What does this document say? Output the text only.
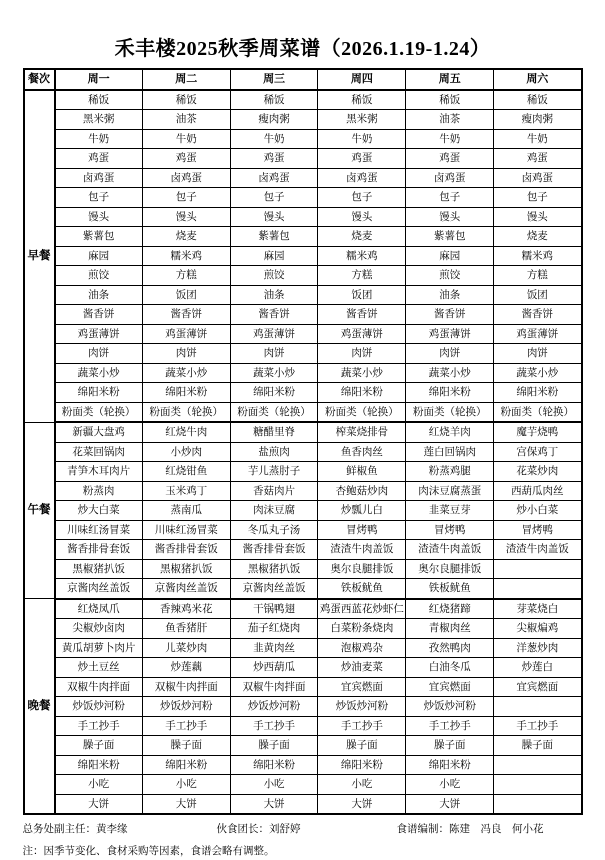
禾丰楼2025秋季周菜谱（2026.1.19-1.24）
餐次	周一	周二	周三	周四	周五	周六
早餐	稀饭	稀饭	稀饭	稀饭	稀饭	稀饭
	黑米粥	油茶	瘦肉粥	黑米粥	油茶	瘦肉粥
	牛奶	牛奶	牛奶	牛奶	牛奶	牛奶
	鸡蛋	鸡蛋	鸡蛋	鸡蛋	鸡蛋	鸡蛋
	卤鸡蛋	卤鸡蛋	卤鸡蛋	卤鸡蛋	卤鸡蛋	卤鸡蛋
	包子	包子	包子	包子	包子	包子
	馒头	馒头	馒头	馒头	馒头	馒头
	紫薯包	烧麦	紫薯包	烧麦	紫薯包	烧麦
	麻园	糯米鸡	麻园	糯米鸡	麻园	糯米鸡
	煎饺	方糕	煎饺	方糕	煎饺	方糕
	油条	饭团	油条	饭团	油条	饭团
	酱香饼	酱香饼	酱香饼	酱香饼	酱香饼	酱香饼
	鸡蛋薄饼	鸡蛋薄饼	鸡蛋薄饼	鸡蛋薄饼	鸡蛋薄饼	鸡蛋薄饼
	肉饼	肉饼	肉饼	肉饼	肉饼	肉饼
	蔬菜小炒	蔬菜小炒	蔬菜小炒	蔬菜小炒	蔬菜小炒	蔬菜小炒
	绵阳米粉	绵阳米粉	绵阳米粉	绵阳米粉	绵阳米粉	绵阳米粉
	粉面类（轮换）	粉面类（轮换）	粉面类（轮换）	粉面类（轮换）	粉面类（轮换）	粉面类（轮换）
午餐	新疆大盘鸡	红烧牛肉	糖醋里脊	榨菜烧排骨	红烧羊肉	魔芋烧鸭
	花菜回锅肉	小炒肉	盐煎肉	鱼香肉丝	莲白回锅肉	宫保鸡丁
	青笋木耳肉片	红烧钳鱼	芋儿蒸肘子	鲜椒鱼	粉蒸鸡腿	花菜炒肉
	粉蒸肉	玉米鸡丁	香菇肉片	杏鲍菇炒肉	肉沫豆腐蒸蛋	西葫瓜肉丝
	炒大白菜	蒸南瓜	肉沫豆腐	炒瓢儿白	韭菜豆芽	炒小白菜
	川味红汤冒菜	川味红汤冒菜	冬瓜丸子汤	冒烤鸭	冒烤鸭	冒烤鸭
	酱香排骨套饭	酱香排骨套饭	酱香排骨套饭	渣渣牛肉盖饭	渣渣牛肉盖饭	渣渣牛肉盖饭
	黑椒猪扒饭	黑椒猪扒饭	黑椒猪扒饭	奥尔良腿排饭	奥尔良腿排饭	
	京酱肉丝盖饭	京酱肉丝盖饭	京酱肉丝盖饭	铁板鱿鱼	铁板鱿鱼	
晚餐	红烧凤爪	香辣鸡米花	干锅鸭翅	鸡蛋西蓝花炒虾仁	红烧猪蹄	芽菜烧白
	尖椒炒卤肉	鱼香猪肝	茄子红烧肉	白菜粉条烧肉	青椒肉丝	尖椒煸鸡
	黄瓜胡萝卜肉片	儿菜炒肉	韭黄肉丝	泡椒鸡杂	孜然鸭肉	洋葱炒肉
	炒土豆丝	炒莲藕	炒西葫瓜	炒油麦菜	白油冬瓜	炒莲白
	双椒牛肉拌面	双椒牛肉拌面	双椒牛肉拌面	宜宾燃面	宜宾燃面	宜宾燃面
	炒饭炒河粉	炒饭炒河粉	炒饭炒河粉	炒饭炒河粉	炒饭炒河粉	
	手工抄手	手工抄手	手工抄手	手工抄手	手工抄手	手工抄手
	臊子面	臊子面	臊子面	臊子面	臊子面	臊子面
	绵阳米粉	绵阳米粉	绵阳米粉	绵阳米粉	绵阳米粉	
	小吃	小吃	小吃	小吃	小吃	
	大饼	大饼	大饼	大饼	大饼	
总务处副主任：黄李缘	伙食团长：刘舒婷	食谱编制：陈建　冯良　何小花
注：因季节变化、食材采购等因素，食谱会略有调整。
